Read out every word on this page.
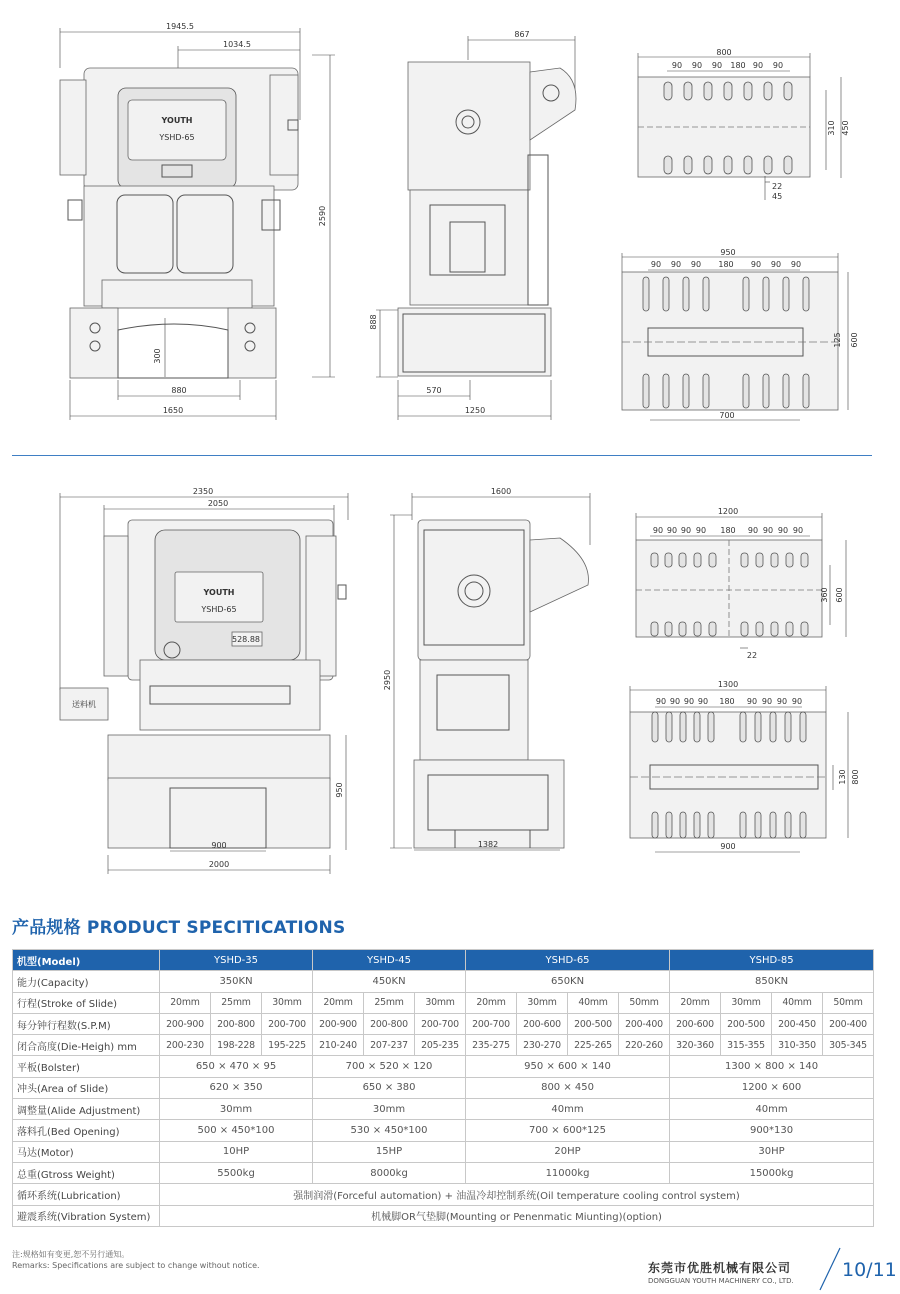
1945.5
1034.5
2590
300
880
1650
YOUTH
YSHD-65
867
888
570
1250
800
90 90 90 180 90 90
310 450
22
45
950
90 90 90 180 90 90 90
125 600
700
2350
2050
950
900
2000
YOUTH
YSHD-65
528.88
送料机
1600
2950
1382
1200
90 90 90 90 180 90 90 90 90
360 600
22
1300
90 90 90 90 180 90 90 90 90
130 800
900
产品规格 PRODUCT SPECITICATIONS
机型(Model)	YSHD-35			YSHD-45			YSHD-65				YSHD-85			
能力(Capacity)	350KN			450KN			650KN				850KN			
行程(Stroke of Slide)	20mm	25mm	30mm	20mm	25mm	30mm	20mm	30mm	40mm	50mm	20mm	30mm	40mm	50mm
每分钟行程数(S.P.M)	200-900	200-800	200-700	200-900	200-800	200-700	200-700	200-600	200-500	200-400	200-600	200-500	200-450	200-400
闭合高度(Die-Heigh) mm	200-230	198-228	195-225	210-240	207-237	205-235	235-275	230-270	225-265	220-260	320-360	315-355	310-350	305-345
平板(Bolster)	650 × 470 × 95			700 × 520 × 120			950 × 600 × 140				1300 × 800 × 140			
冲头(Area of Slide)	620 × 350			650 × 380			800 × 450				1200 × 600			
调整量(Alide Adjustment)	30mm			30mm			40mm				40mm			
落料孔(Bed Opening)	500 × 450*100			530 × 450*100			700 × 600*125				900*130			
马达(Motor)	10HP			15HP			20HP				30HP			
总重(Gtross Weight)	5500kg			8000kg			11000kg				15000kg			
循环系统(Lubrication)	强制润滑(Forceful automation) + 油温冷却控制系统(Oil temperature cooling control system)													
避震系统(Vibration System)	机械脚OR气垫脚(Mounting or Penenmatic Miunting)(option)													
注:规格如有变更,恕不另行通知。
Remarks: Specifications are subject to change without notice.	东莞市优胜机械有限公司
DONGGUAN YOUTH MACHINERY CO., LTD.	10/11
